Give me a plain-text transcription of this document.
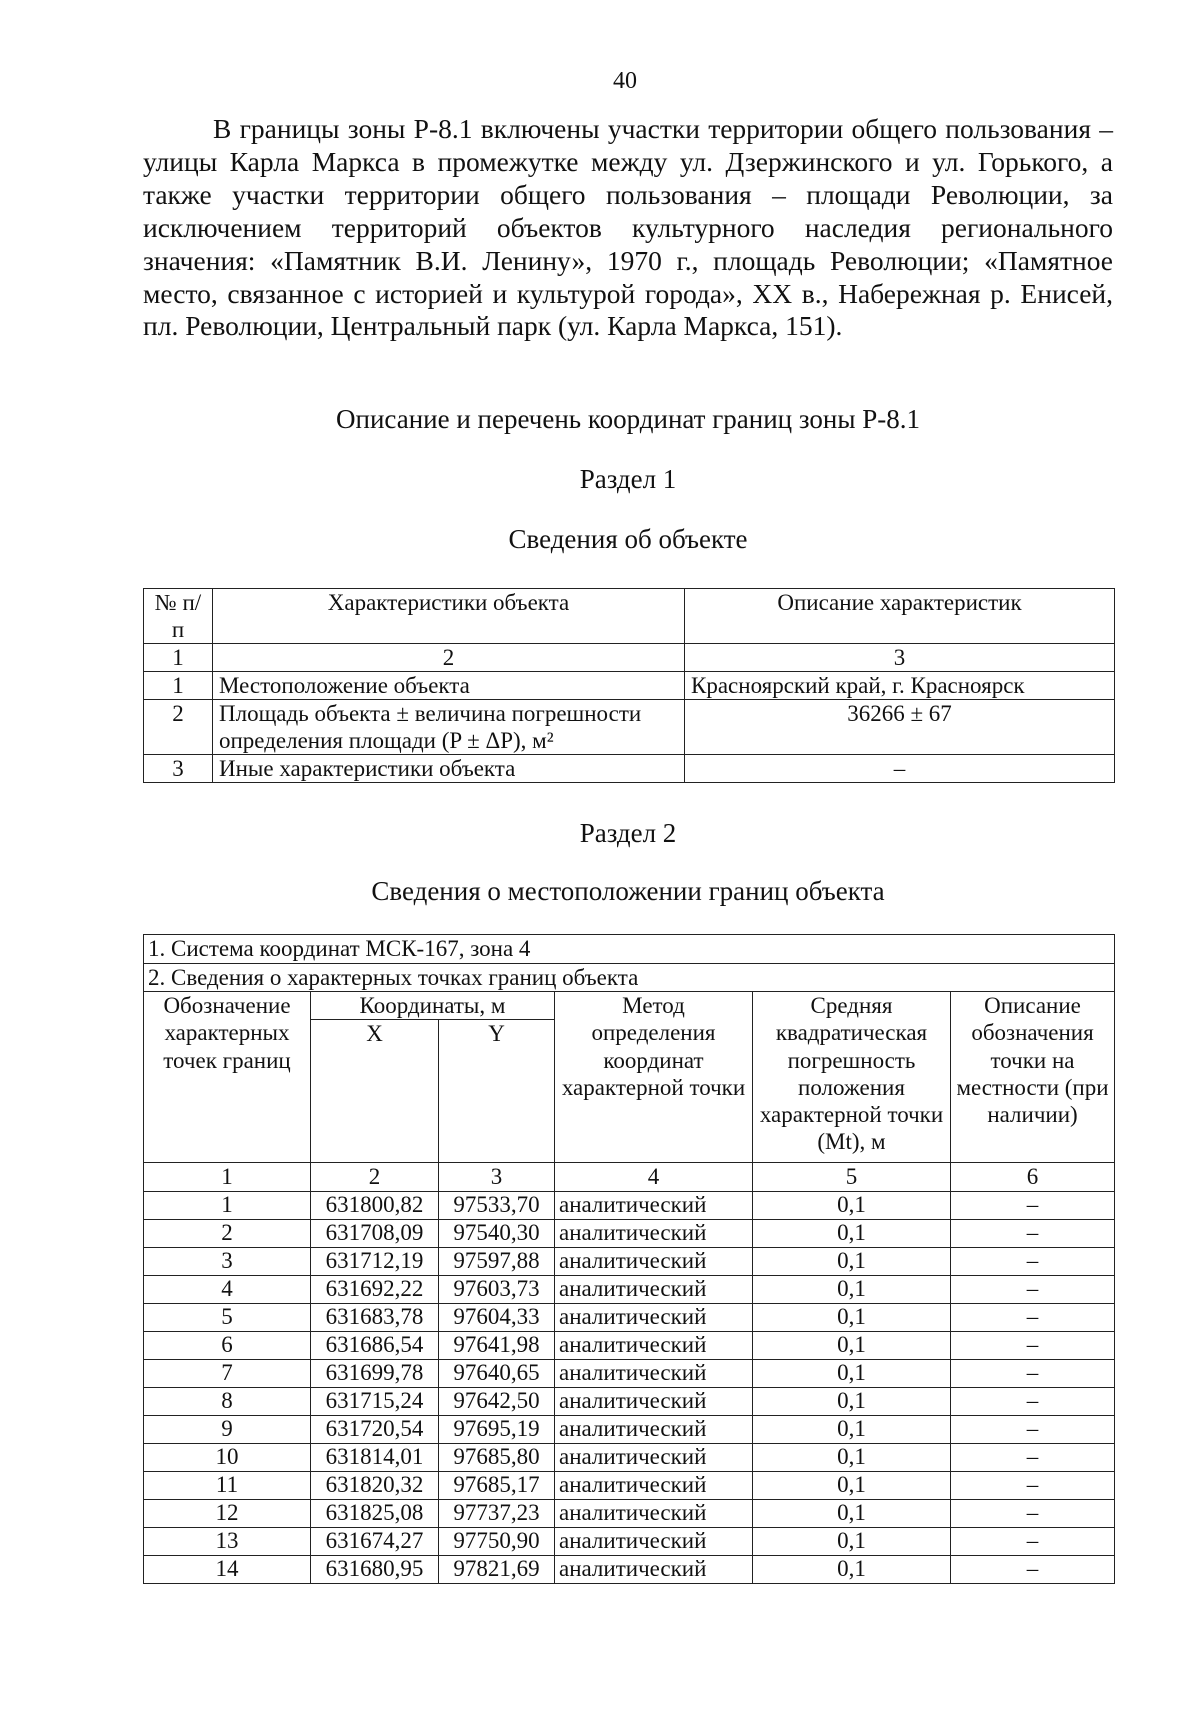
40

В границы зоны Р-8.1 включены участки территории общего пользования – улицы Карла Маркса в промежутке между ул. Дзержинского и ул. Горького, а также участки территории общего пользования – площади Революции, за исключением территорий объектов культурного наследия регионального значения: «Памятник В.И. Ленину», 1970 г., площадь Революции; «Памятное место, связанное с историей и культурой города», XX в., Набережная р. Енисей, пл. Революции, Центральный парк (ул. Карла Маркса, 151).

Описание и перечень координат границ зоны Р-8.1
Раздел 1
Сведения об объекте
№ п/п	Характеристики объекта	Описание характеристик
1	2	3
1	Местоположение объекта	Красноярский край, г. Красноярск
2	Площадь объекта ± величина погрешности определения площади (P ± ΔP), м²	36266 ± 67
3	Иные характеристики объекта	–
Раздел 2
Сведения о местоположении границ объекта
1. Система координат МСК-167, зона 4					
2. Сведения о характерных точках границ объекта					
Обозначение характерных точек границ	Координаты, м		Метод определения координат характерной точки	Средняя квадратическая погрешность положения характерной точки (Mt), м	Описание обозначения точки на местности (при наличии)
	X	Y			
1	2	3	4	5	6
1	631800,82	97533,70	аналитический	0,1	–
2	631708,09	97540,30	аналитический	0,1	–
3	631712,19	97597,88	аналитический	0,1	–
4	631692,22	97603,73	аналитический	0,1	–
5	631683,78	97604,33	аналитический	0,1	–
6	631686,54	97641,98	аналитический	0,1	–
7	631699,78	97640,65	аналитический	0,1	–
8	631715,24	97642,50	аналитический	0,1	–
9	631720,54	97695,19	аналитический	0,1	–
10	631814,01	97685,80	аналитический	0,1	–
11	631820,32	97685,17	аналитический	0,1	–
12	631825,08	97737,23	аналитический	0,1	–
13	631674,27	97750,90	аналитический	0,1	–
14	631680,95	97821,69	аналитический	0,1	–
